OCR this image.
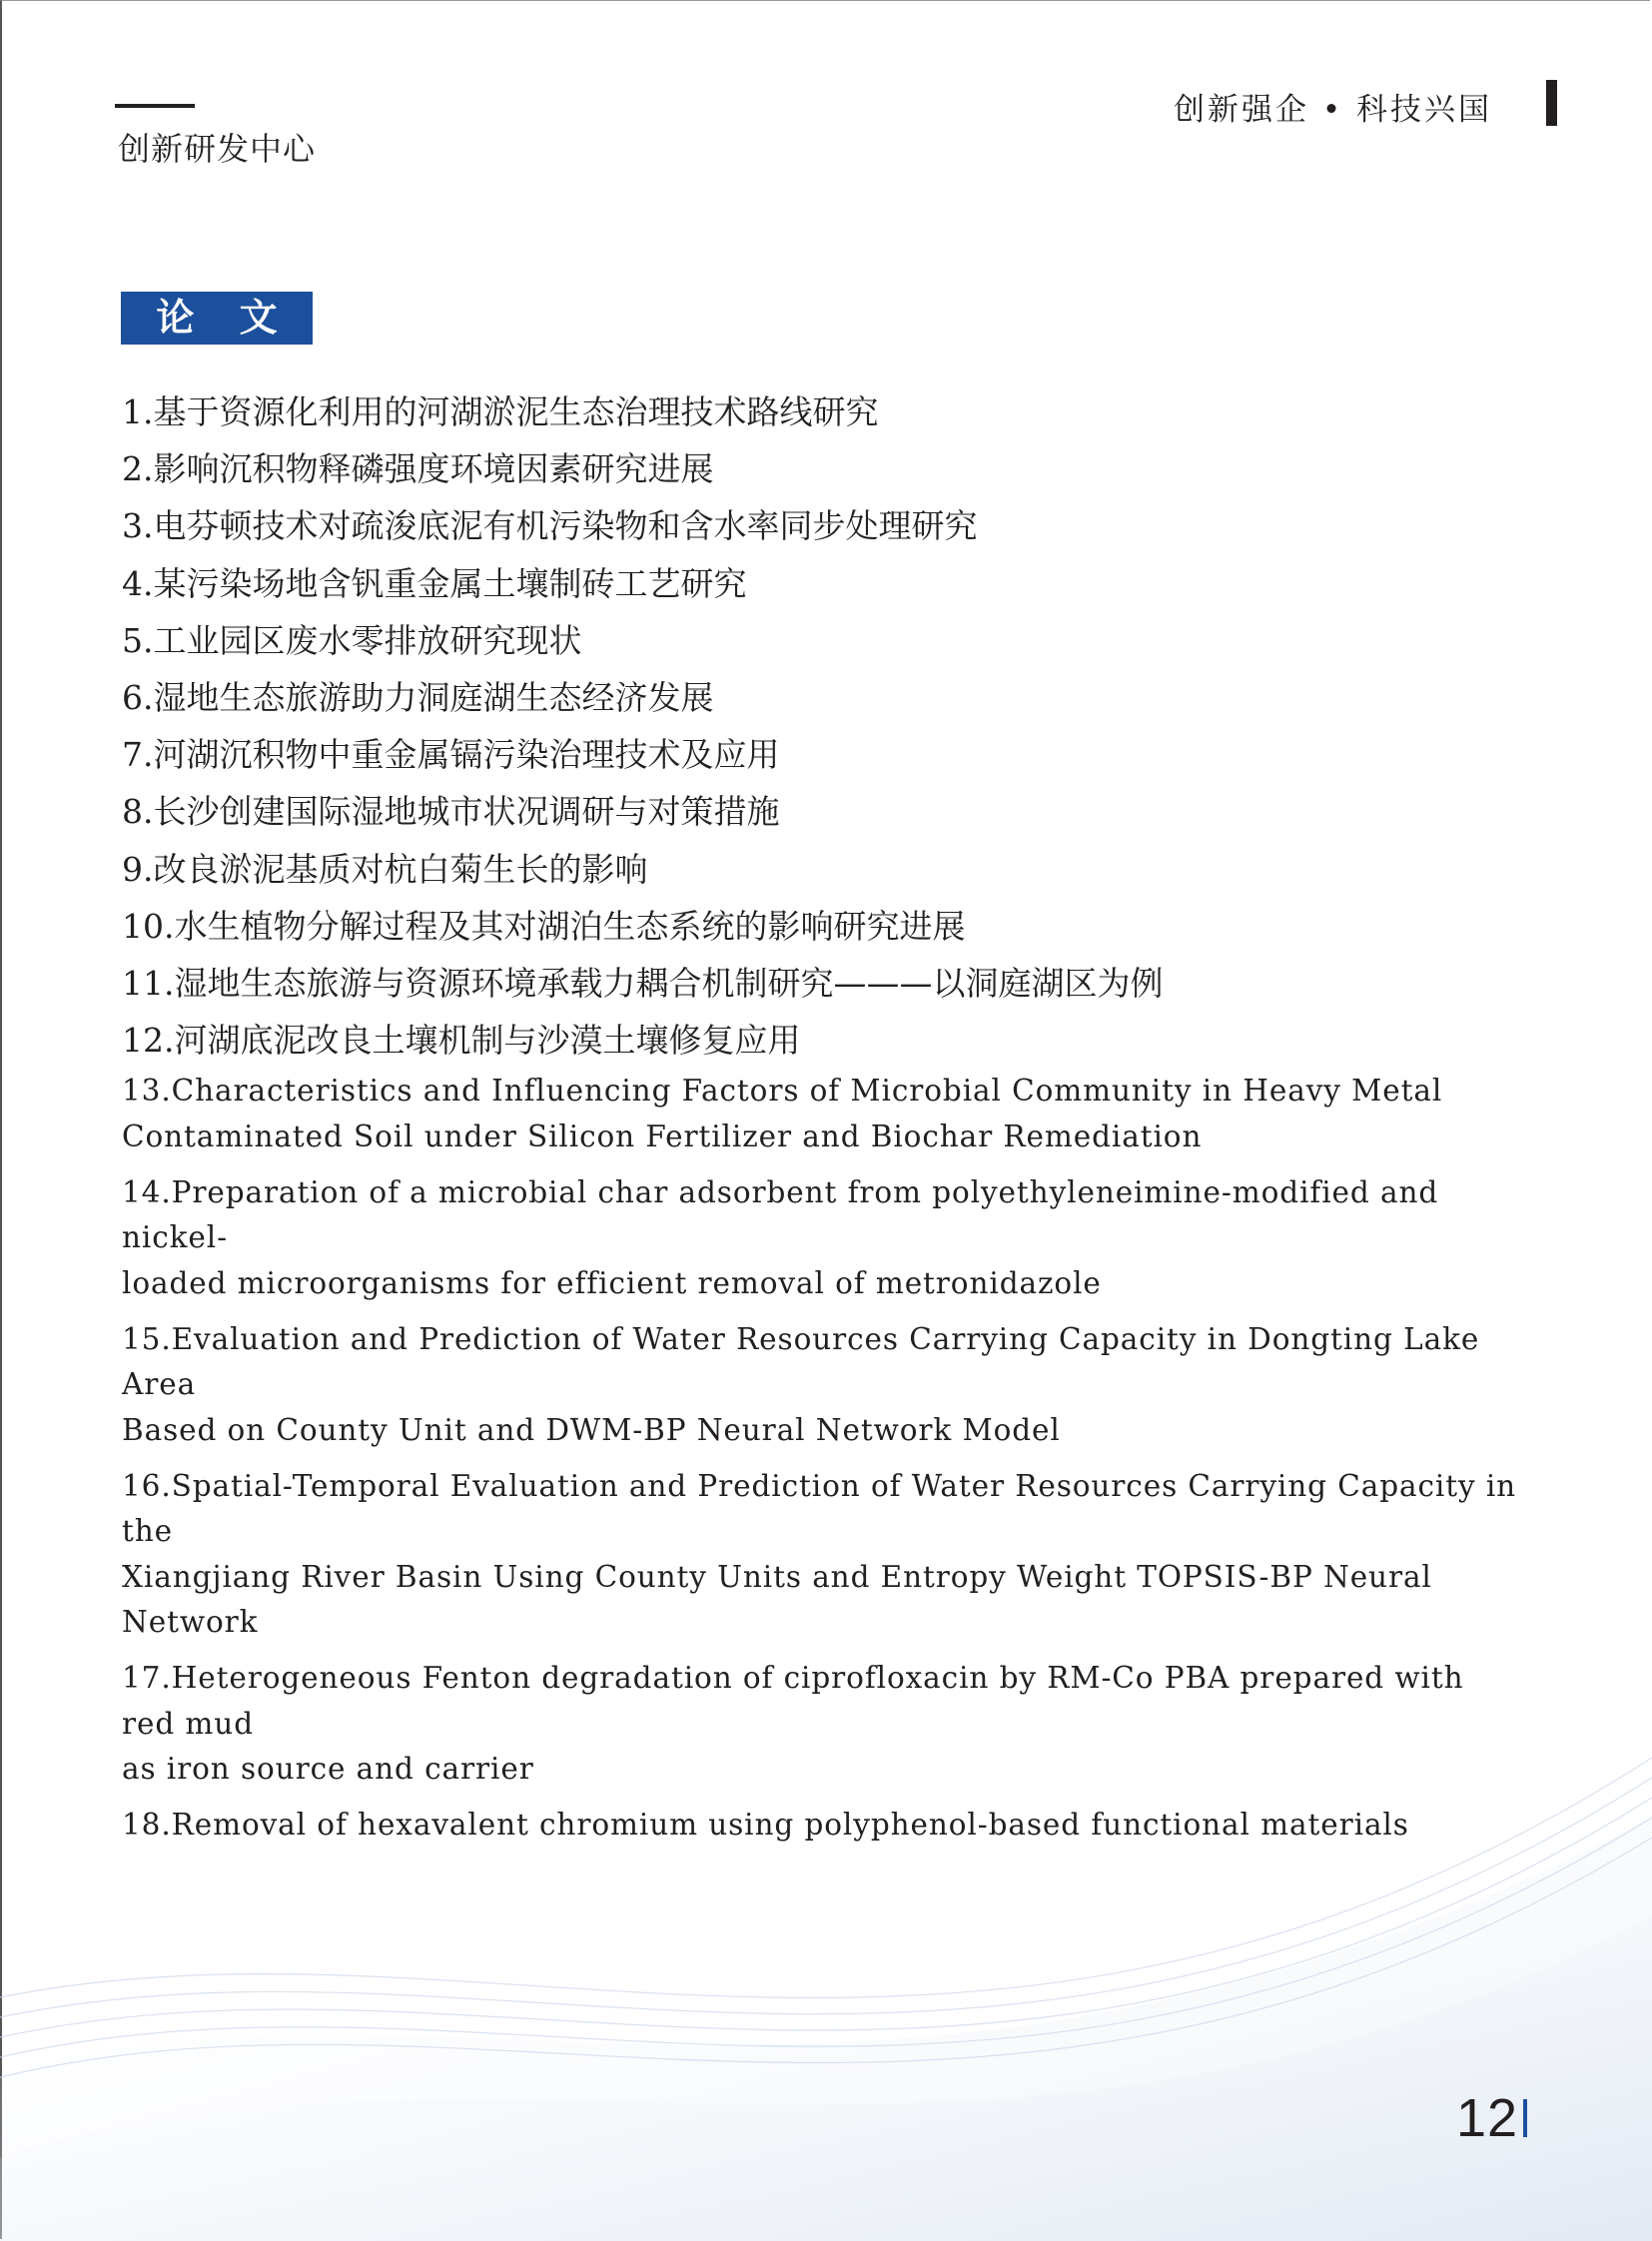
创新研发中心
创新强企 • 科技兴国
论 文
1.基于资源化利用的河湖淤泥生态治理技术路线研究
2.影响沉积物释磷强度环境因素研究进展
3.电芬顿技术对疏浚底泥有机污染物和含水率同步处理研究
4.某污染场地含钒重金属土壤制砖工艺研究
5.工业园区废水零排放研究现状
6.湿地生态旅游助力洞庭湖生态经济发展
7.河湖沉积物中重金属镉污染治理技术及应用
8.长沙创建国际湿地城市状况调研与对策措施
9.改良淤泥基质对杭白菊生长的影响
10.水生植物分解过程及其对湖泊生态系统的影响研究进展
11.湿地生态旅游与资源环境承载力耦合机制研究———以洞庭湖区为例
12.河湖底泥改良土壤机制与沙漠土壤修复应用
13.Characteristics and Influencing Factors of Microbial Community in Heavy Metal
Contaminated Soil under Silicon Fertilizer and Biochar Remediation
14.Preparation of a microbial char adsorbent from polyethyleneimine-modified and nickel-
loaded microorganisms for efficient removal of metronidazole
15.Evaluation and Prediction of Water Resources Carrying Capacity in Dongting Lake Area
Based on County Unit and DWM-BP Neural Network Model
16.Spatial-Temporal Evaluation and Prediction of Water Resources Carrying Capacity in the
Xiangjiang River Basin Using County Units and Entropy Weight TOPSIS-BP Neural Network
17.Heterogeneous Fenton degradation of ciprofloxacin by RM-Co PBA prepared with red mud
as iron source and carrier
18.Removal of hexavalent chromium using polyphenol-based functional materials
12
